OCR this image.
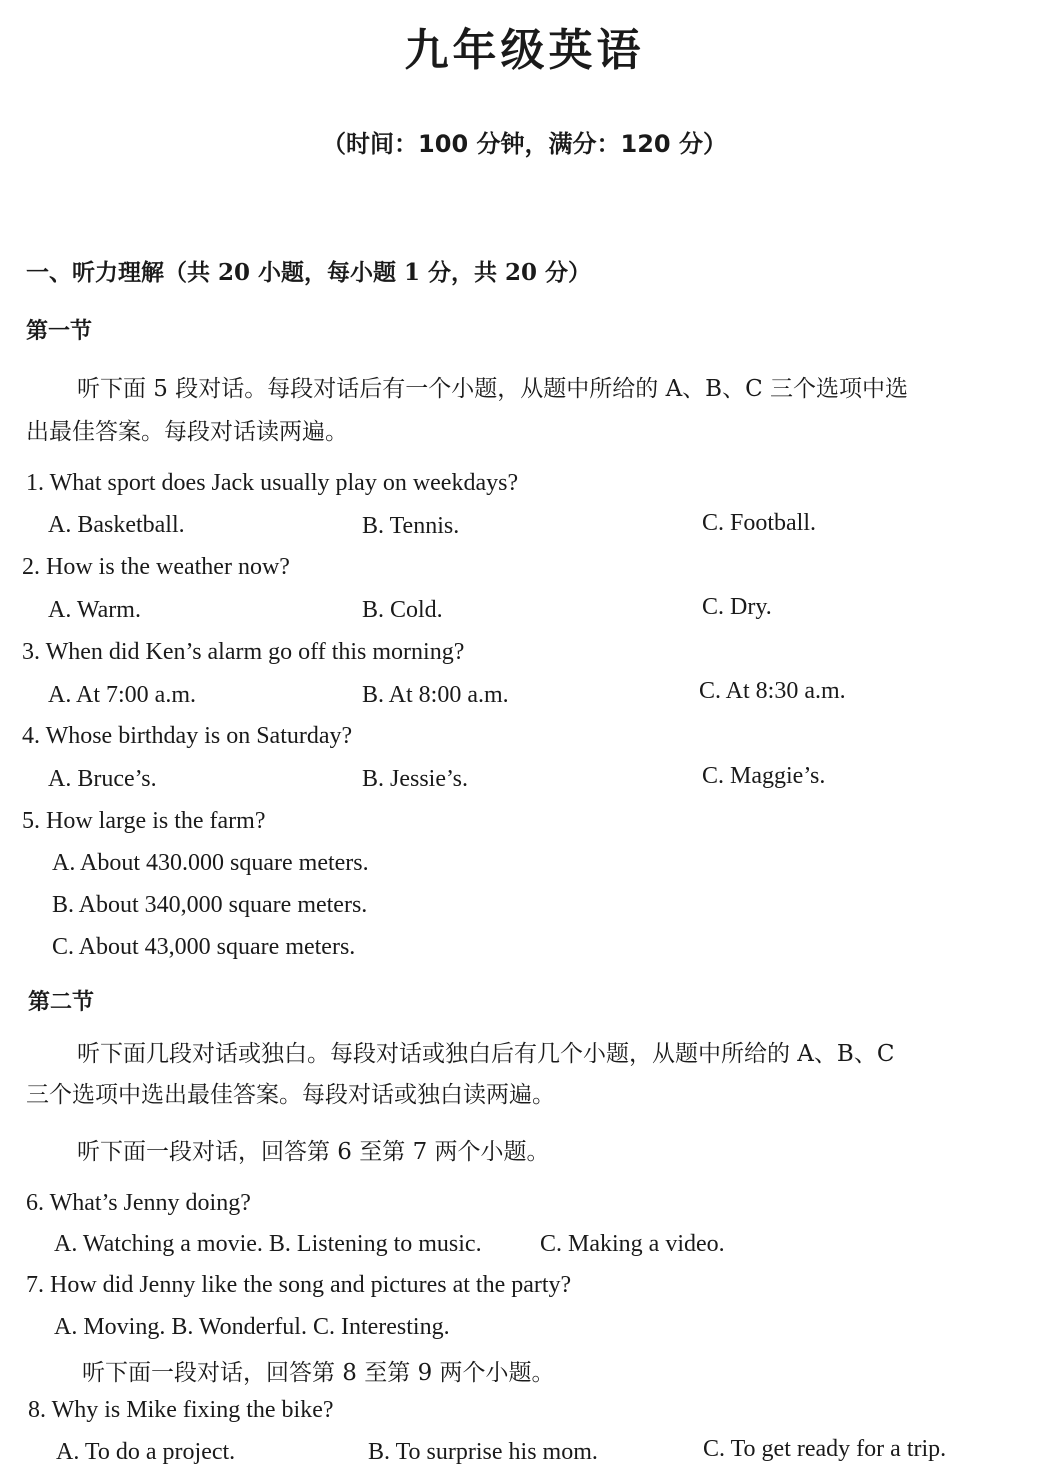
九年级英语
（时间：100 分钟，满分：120 分）
一、听力理解（共 20 小题，每小题 1 分，共 20 分）
第一节
听下面 5 段对话。每段对话后有一个小题，从题中所给的 A、B、C 三个选项中选
出最佳答案。每段对话读两遍。
1. What sport does Jack usually play on weekdays?
A. Basketball.	B. Tennis.	C. Football.
2. How is the weather now?
A. Warm.	B. Cold.	C. Dry.
3. When did Ken’s alarm go off this morning?
A. At 7:00 a.m.	B. At 8:00 a.m.	C. At 8:30 a.m.
4. Whose birthday is on Saturday?
A. Bruce’s.	B. Jessie’s.	C. Maggie’s.
5. How large is the farm?
A. About 430.000 square meters.
B. About 340,000 square meters.
C. About 43,000 square meters.
第二节
听下面几段对话或独白。每段对话或独白后有几个小题，从题中所给的 A、B、C
三个选项中选出最佳答案。每段对话或独白读两遍。
听下面一段对话，回答第 6 至第 7 两个小题。
6. What’s Jenny doing?
A. Watching a movie. B. Listening to music. C. Making a video.
7. How did Jenny like the song and pictures at the party?
A. Moving. B. Wonderful. C. Interesting.
听下面一段对话，回答第 8 至第 9 两个小题。
8. Why is Mike fixing the bike?
A. To do a project.	B. To surprise his mom.	C. To get ready for a trip.
